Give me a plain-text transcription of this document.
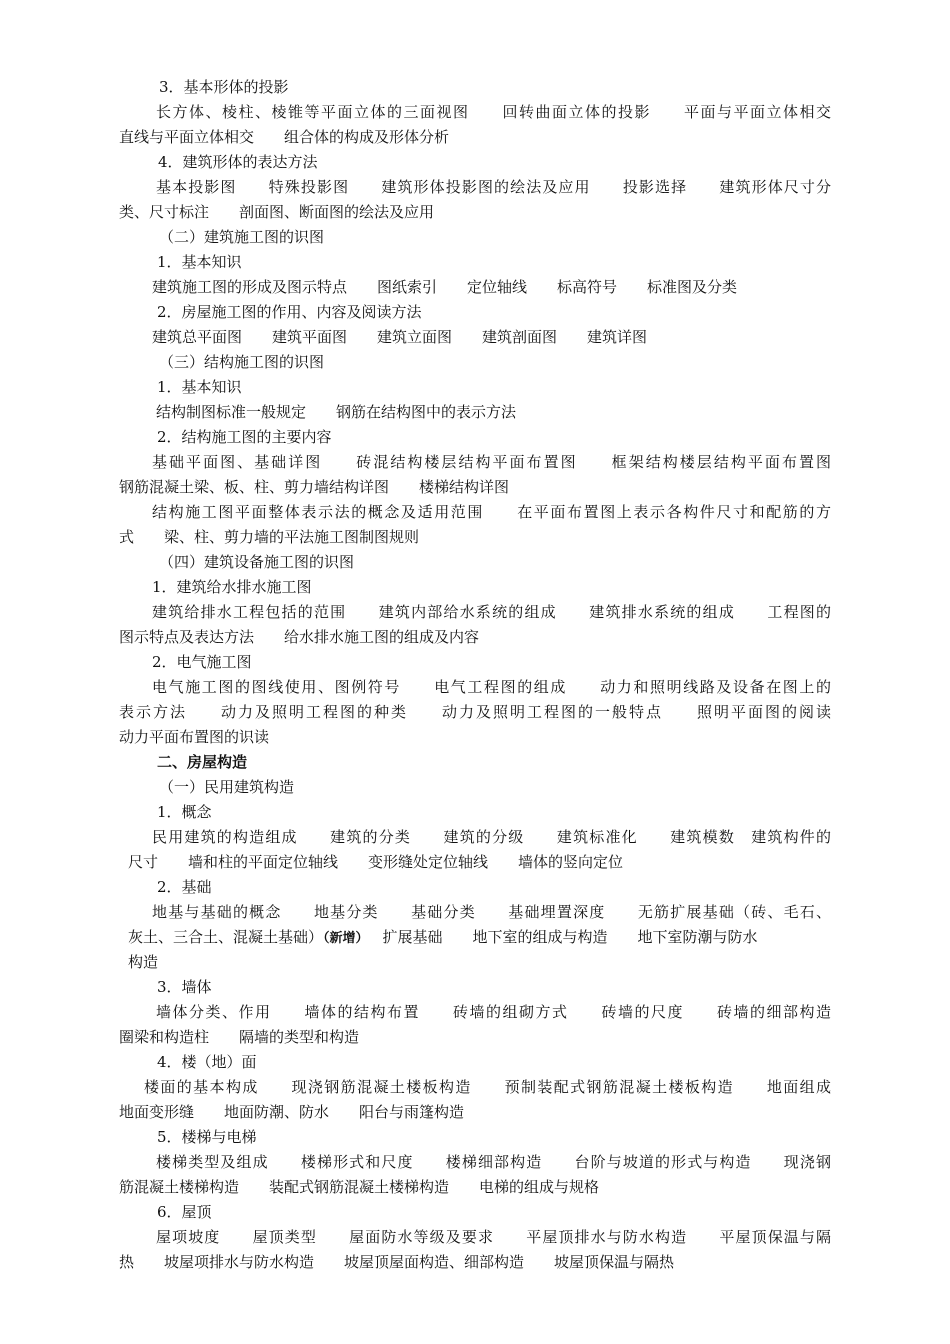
3．基本形体的投影
长方体、棱柱、棱锥等平面立体的三面视图　　回转曲面立体的投影　　平面与平面立体相交
直线与平面立体相交　　组合体的构成及形体分析
4．建筑形体的表达方法
基本投影图　　特殊投影图　　建筑形体投影图的绘法及应用　　投影选择　　建筑形体尺寸分
类、尺寸标注　　剖面图、断面图的绘法及应用
（二）建筑施工图的识图
1．基本知识
建筑施工图的形成及图示特点　　图纸索引　　定位轴线　　标高符号　　标准图及分类
2．房屋施工图的作用、内容及阅读方法
建筑总平面图　　建筑平面图　　建筑立面图　　建筑剖面图　　建筑详图
（三）结构施工图的识图
1．基本知识
结构制图标准一般规定　　钢筋在结构图中的表示方法
2．结构施工图的主要内容
基础平面图、基础详图　　砖混结构楼层结构平面布置图　　框架结构楼层结构平面布置图
钢筋混凝土梁、板、柱、剪力墙结构详图　　楼梯结构详图
结构施工图平面整体表示法的概念及适用范围　　在平面布置图上表示各构件尺寸和配筋的方
式　　梁、柱、剪力墙的平法施工图制图规则
（四）建筑设备施工图的识图
1．建筑给水排水施工图
建筑给排水工程包括的范围　　建筑内部给水系统的组成　　建筑排水系统的组成　　工程图的
图示特点及表达方法　　给水排水施工图的组成及内容
2．电气施工图
电气施工图的图线使用、图例符号　　电气工程图的组成　　动力和照明线路及设备在图上的
表示方法　　动力及照明工程图的种类　　动力及照明工程图的一般特点　　照明平面图的阅读
动力平面布置图的识读
二、房屋构造
（一）民用建筑构造
1．概念
民用建筑的构造组成　　建筑的分类　　建筑的分级　　建筑标准化　　建筑模数　建筑构件的
尺寸　　墙和柱的平面定位轴线　　变形缝处定位轴线　　墙体的竖向定位
2．基础
地基与基础的概念　　地基分类　　基础分类　　基础埋置深度　　无筋扩展基础（砖、毛石、
灰土、三合土、混凝土基础）（新增） 扩展基础　　地下室的组成与构造　　地下室防潮与防水
构造
3．墙体
墙体分类、作用　　墙体的结构布置　　砖墙的组砌方式　　砖墙的尺度　　砖墙的细部构造
圈梁和构造柱　　隔墙的类型和构造
4．楼（地）面
楼面的基本构成　　现浇钢筋混凝土楼板构造　　预制装配式钢筋混凝土楼板构造　　地面组成
地面变形缝　　地面防潮、防水　　阳台与雨篷构造
5．楼梯与电梯
楼梯类型及组成　　楼梯形式和尺度　　楼梯细部构造　　台阶与坡道的形式与构造　　现浇钢
筋混凝土楼梯构造　　装配式钢筋混凝土楼梯构造　　电梯的组成与规格
6．屋顶
屋项坡度　　屋顶类型　　屋面防水等级及要求　　平屋顶排水与防水构造　　平屋顶保温与隔
热　　坡屋项排水与防水构造　　坡屋顶屋面构造、细部构造　　坡屋顶保温与隔热
